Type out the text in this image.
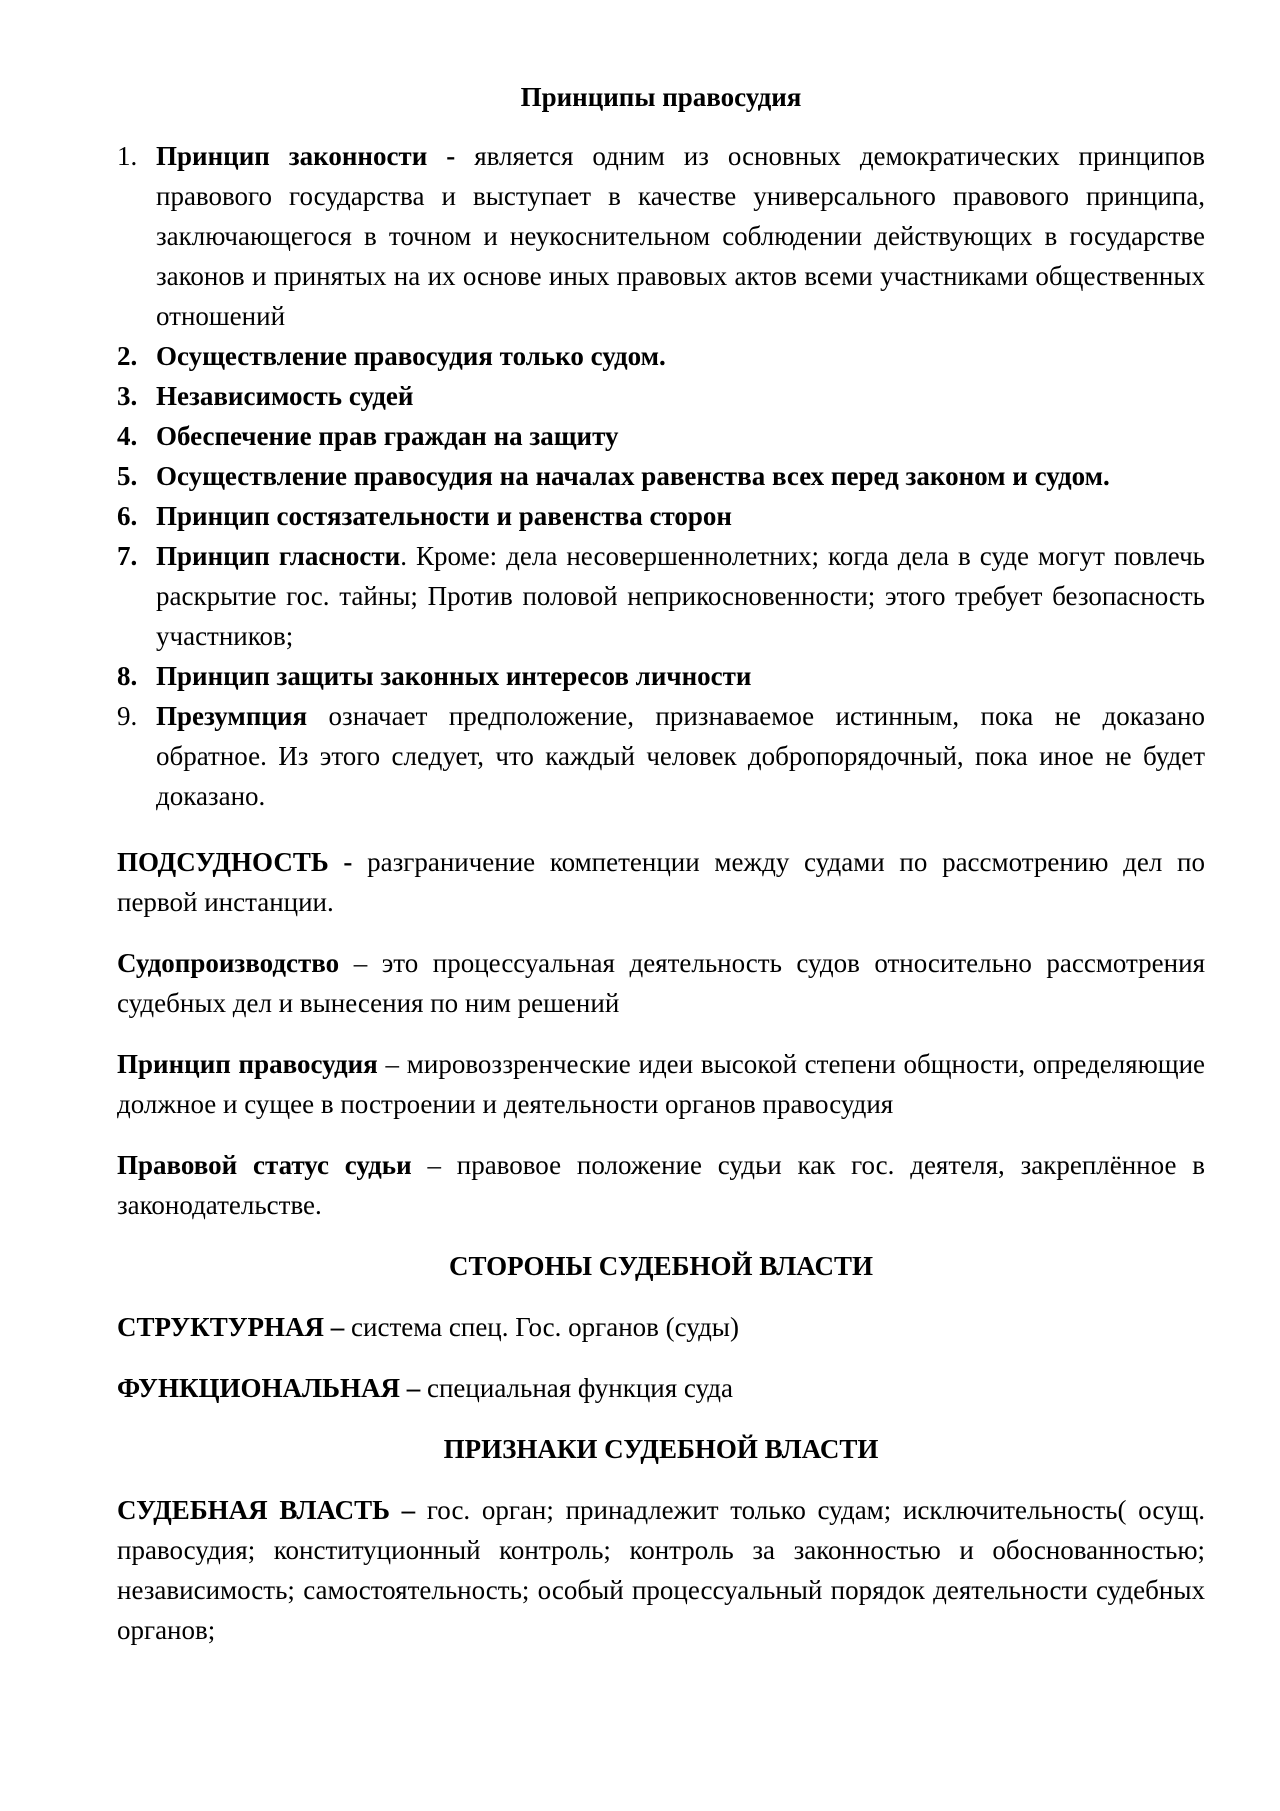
Принципы правосудия
1. Принцип законности - является одним из основных демократических принципов правового государства и выступает в качестве универсального правового принципа, заключающегося в точном и неукоснительном соблюдении действующих в государстве законов и принятых на их основе иных правовых актов всеми участниками общественных отношений
2. Осуществление правосудия только судом.
3. Независимость судей
4. Обеспечение прав граждан на защиту
5. Осуществление правосудия на началах равенства всех перед законом и судом.
6. Принцип состязательности и равенства сторон
7. Принцип гласности. Кроме: дела несовершеннолетних; когда дела в суде могут повлечь раскрытие гос. тайны; Против половой неприкосновенности; этого требует безопасность участников;
8. Принцип защиты законных интересов личности
9. Презумпция означает предположение, признаваемое истинным, пока не доказано обратное. Из этого следует, что каждый человек добропорядочный, пока иное не будет доказано.

ПОДСУДНОСТЬ - разграничение компетенции между судами по рассмотрению дел по первой инстанции.

Судопроизводство – это процессуальная деятельность судов относительно рассмотрения судебных дел и вынесения по ним решений

Принцип правосудия – мировоззренческие идеи высокой степени общности, определяющие должное и сущее в построении и деятельности органов правосудия

Правовой статус судьи – правовое положение судьи как гос. деятеля, закреплённое в законодательстве.

СТОРОНЫ СУДЕБНОЙ ВЛАСТИ

СТРУКТУРНАЯ – система спец. Гос. органов (суды)

ФУНКЦИОНАЛЬНАЯ – специальная функция суда

ПРИЗНАКИ СУДЕБНОЙ ВЛАСТИ

СУДЕБНАЯ ВЛАСТЬ – гос. орган; принадлежит только судам; исключительность( осущ. правосудия; конституционный контроль; контроль за законностью и обоснованностью; независимость; самостоятельность; особый процессуальный порядок деятельности судебных органов;
